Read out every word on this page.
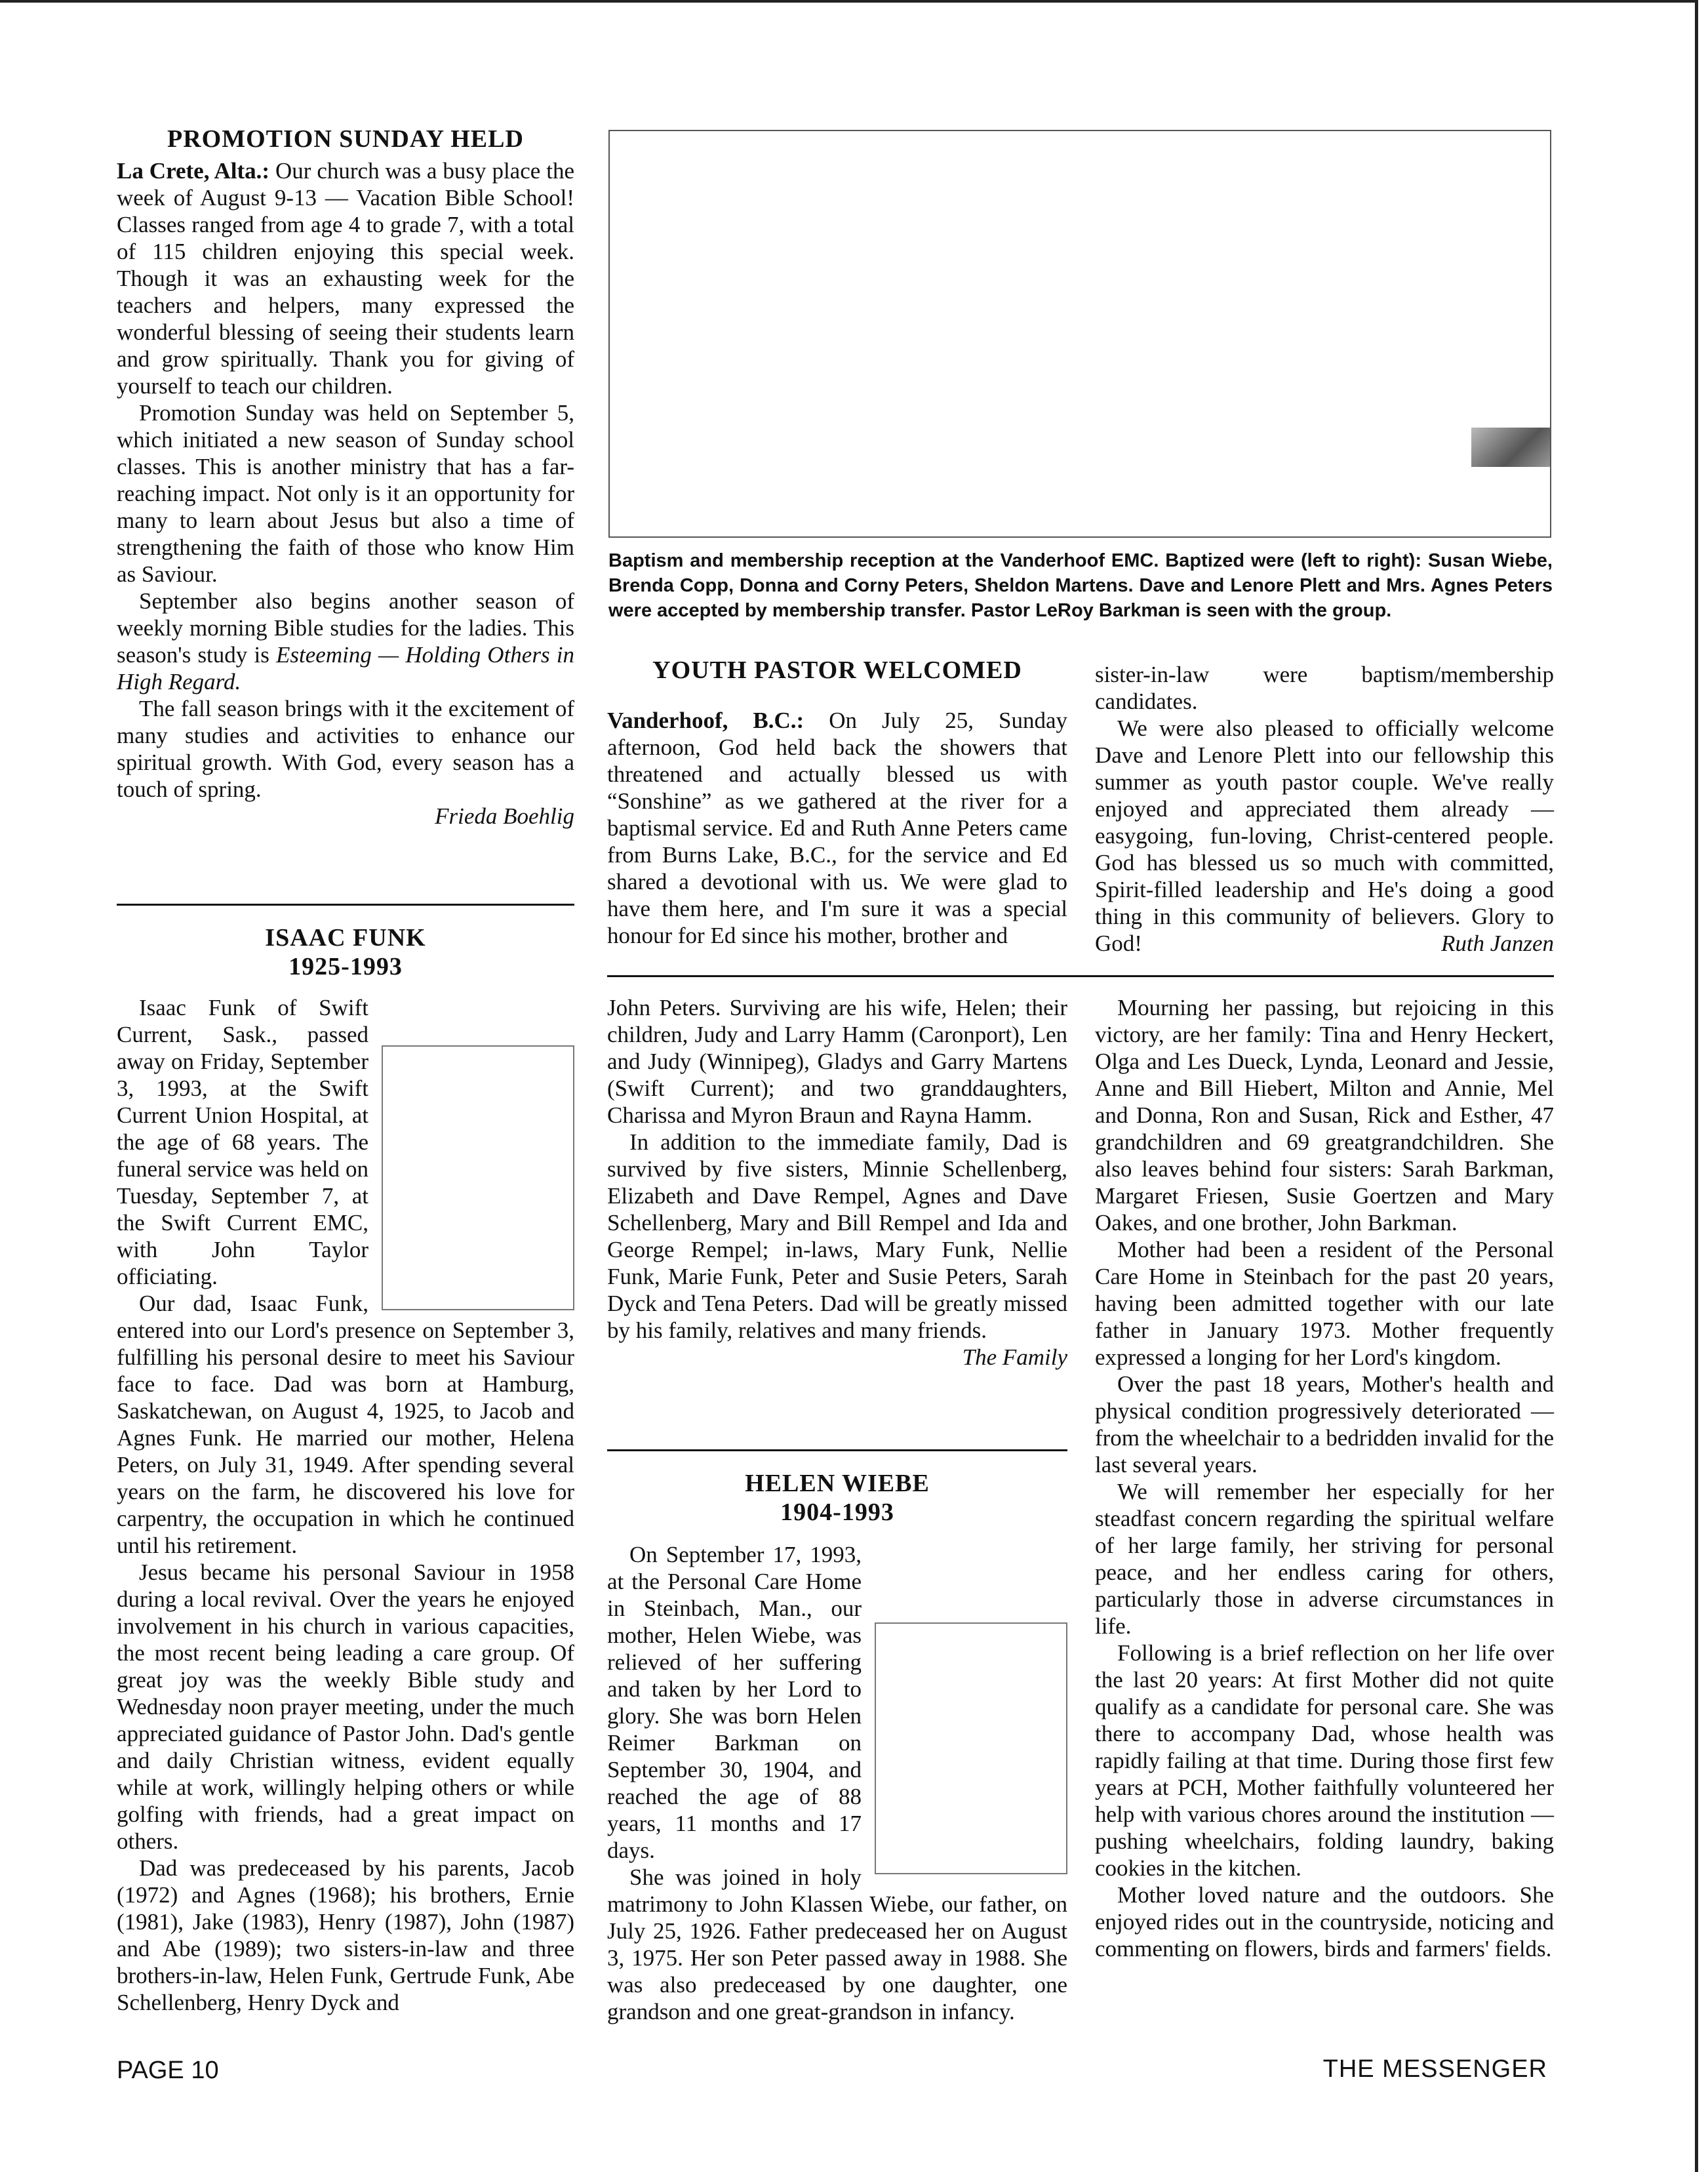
PROMOTION SUNDAY HELD

La Crete, Alta.: Our church was a busy place the week of August 9-13 — Vacation Bible School! Classes ranged from age 4 to grade 7, with a total of 115 children enjoying this special week. Though it was an exhausting week for the teachers and helpers, many expressed the wonderful blessing of seeing their students learn and grow spiritually. Thank you for giving of yourself to teach our children.

Promotion Sunday was held on September 5, which initiated a new season of Sunday school classes. This is another ministry that has a far-reaching impact. Not only is it an opportunity for many to learn about Jesus but also a time of strengthening the faith of those who know Him as Saviour.

September also begins another season of weekly morning Bible studies for the ladies. This season's study is Esteeming — Holding Others in High Regard.

The fall season brings with it the excitement of many studies and activities to enhance our spiritual growth. With God, every season has a touch of spring.

Frieda Boehlig
Baptism and membership reception at the Vanderhoof EMC. Baptized were (left to right): Susan Wiebe, Brenda Copp, Donna and Corny Peters, Sheldon Martens. Dave and Lenore Plett and Mrs. Agnes Peters were accepted by membership transfer. Pastor LeRoy Barkman is seen with the group.
YOUTH PASTOR WELCOMED

Vanderhoof, B.C.: On July 25, Sunday afternoon, God held back the showers that threatened and actually blessed us with “Sonshine” as we gathered at the river for a baptismal service. Ed and Ruth Anne Peters came from Burns Lake, B.C., for the service and Ed shared a devotional with us. We were glad to have them here, and I'm sure it was a special honour for Ed since his mother, brother and

sister-in-law were baptism/membership candidates.

We were also pleased to officially welcome Dave and Lenore Plett into our fellowship this summer as youth pastor couple. We've really enjoyed and appreciated them already — easygoing, fun-loving, Christ-centered people. God has blessed us so much with committed, Spirit-filled leadership and He's doing a good thing in this community of believers. Glory to God!	Ruth Janzen
ISAAC FUNK
1925-1993

Isaac Funk of Swift Current, Sask., passed away on Friday, September 3, 1993, at the Swift Current Union Hospital, at the age of 68 years. The funeral service was held on Tuesday, September 7, at the Swift Current EMC, with John Taylor officiating.

Our dad, Isaac Funk, entered into our Lord's presence on September 3, fulfilling his personal desire to meet his Saviour face to face. Dad was born at Hamburg, Saskatchewan, on August 4, 1925, to Jacob and Agnes Funk. He married our mother, Helena Peters, on July 31, 1949. After spending several years on the farm, he discovered his love for carpentry, the occupation in which he continued until his retirement.

Jesus became his personal Saviour in 1958 during a local revival. Over the years he enjoyed involvement in his church in various capacities, the most recent being leading a care group. Of great joy was the weekly Bible study and Wednesday noon prayer meeting, under the much appreciated guidance of Pastor John. Dad's gentle and daily Christian witness, evident equally while at work, willingly helping others or while golfing with friends, had a great impact on others.

Dad was predeceased by his parents, Jacob (1972) and Agnes (1968); his brothers, Ernie (1981), Jake (1983), Henry (1987), John (1987) and Abe (1989); two sisters-in-law and three brothers-in-law, Helen Funk, Gertrude Funk, Abe Schellenberg, Henry Dyck and

John Peters. Surviving are his wife, Helen; their children, Judy and Larry Hamm (Caronport), Len and Judy (Winnipeg), Gladys and Garry Martens (Swift Current); and two granddaughters, Charissa and Myron Braun and Rayna Hamm.

In addition to the immediate family, Dad is survived by five sisters, Minnie Schellenberg, Elizabeth and Dave Rempel, Agnes and Dave Schellenberg, Mary and Bill Rempel and Ida and George Rempel; in-laws, Mary Funk, Nellie Funk, Marie Funk, Peter and Susie Peters, Sarah Dyck and Tena Peters. Dad will be greatly missed by his family, relatives and many friends.

The Family
HELEN WIEBE
1904-1993

On September 17, 1993, at the Personal Care Home in Steinbach, Man., our mother, Helen Wiebe, was relieved of her suffering and taken by her Lord to glory. She was born Helen Reimer Barkman on September 30, 1904, and reached the age of 88 years, 11 months and 17 days.

She was joined in holy matrimony to John Klassen Wiebe, our father, on July 25, 1926. Father predeceased her on August 3, 1975. Her son Peter passed away in 1988. She was also predeceased by one daughter, one grandson and one great-grandson in infancy.

Mourning her passing, but rejoicing in this victory, are her family: Tina and Henry Heckert, Olga and Les Dueck, Lynda, Leonard and Jessie, Anne and Bill Hiebert, Milton and Annie, Mel and Donna, Ron and Susan, Rick and Esther, 47 grandchildren and 69 greatgrandchildren. She also leaves behind four sisters: Sarah Barkman, Margaret Friesen, Susie Goertzen and Mary Oakes, and one brother, John Barkman.

Mother had been a resident of the Personal Care Home in Steinbach for the past 20 years, having been admitted together with our late father in January 1973. Mother frequently expressed a longing for her Lord's kingdom.

Over the past 18 years, Mother's health and physical condition progressively deteriorated — from the wheelchair to a bedridden invalid for the last several years.

We will remember her especially for her steadfast concern regarding the spiritual welfare of her large family, her striving for personal peace, and her endless caring for others, particularly those in adverse circumstances in life.

Following is a brief reflection on her life over the last 20 years: At first Mother did not quite qualify as a candidate for personal care. She was there to accompany Dad, whose health was rapidly failing at that time. During those first few years at PCH, Mother faithfully volunteered her help with various chores around the institution — pushing wheelchairs, folding laundry, baking cookies in the kitchen.

Mother loved nature and the outdoors. She enjoyed rides out in the countryside, noticing and commenting on flowers, birds and farmers' fields.

PAGE 10	THE MESSENGER
